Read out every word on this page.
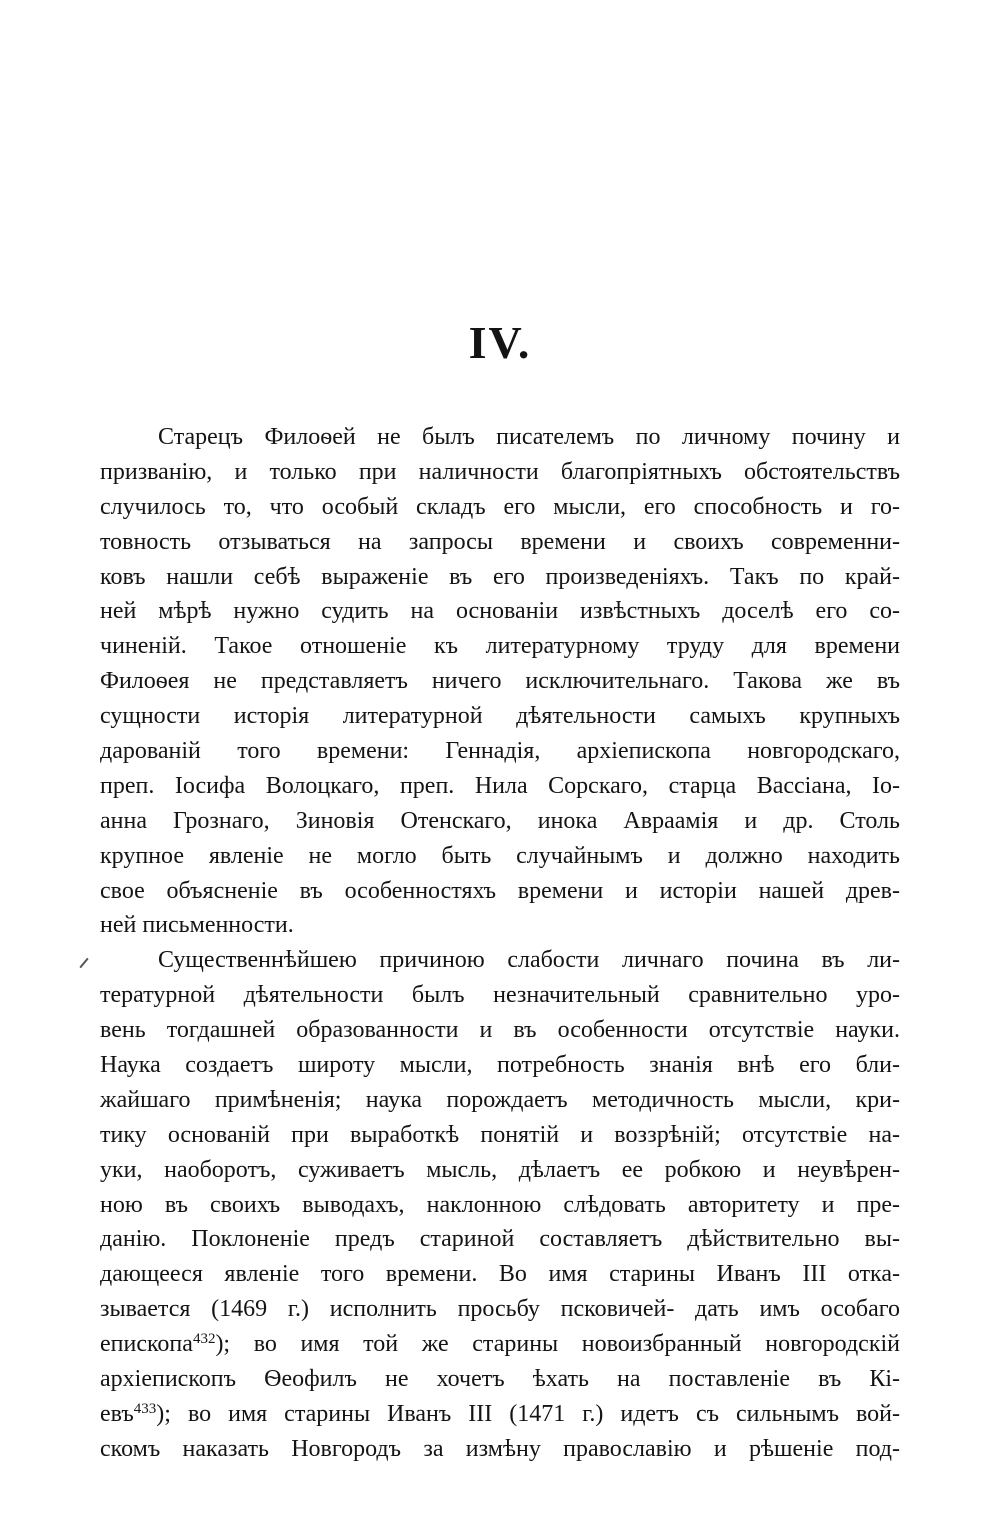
IV.
Старецъ Филоѳей не былъ писателемъ по личному почину и
призванію, и только при наличности благопріятныхъ обстоятельствъ
случилось то, что особый складъ его мысли, его способность и го-
товность отзываться на запросы времени и своихъ современни-
ковъ нашли себѣ выраженіе въ его произведеніяхъ. Такъ по край-
ней мѣрѣ нужно судить на основаніи извѣстныхъ доселѣ его со-
чиненій. Такое отношеніе къ литературному труду для времени
Филоѳея не представляетъ ничего исключительнаго. Такова же въ
сущности исторія литературной дѣятельности самыхъ крупныхъ
дарованій того времени: Геннадія, архіепископа новгородскаго,
преп. Іосифа Волоцкаго, преп. Нила Сорскаго, старца Вассіана, Іо-
анна Грознаго, Зиновія Отенскаго, инока Авраамія и др. Столь
крупное явленіе не могло быть случайнымъ и должно находить
свое объясненіе въ особенностяхъ времени и исторіи нашей древ-
ней письменности.
Существеннѣйшею причиною слабости личнаго почина въ ли-
тературной дѣятельности былъ незначительный сравнительно уро-
вень тогдашней образованности и въ особенности отсутствіе науки.
Наука создаетъ широту мысли, потребность знанія внѣ его бли-
жайшаго примѣненія; наука порождаетъ методичность мысли, кри-
тику основаній при выработкѣ понятій и воззрѣній; отсутствіе на-
уки, наоборотъ, суживаетъ мысль, дѣлаетъ ее робкою и неувѣрен-
ною въ своихъ выводахъ, наклонною слѣдовать авторитету и пре-
данію. Поклоненіе предъ стариной составляетъ дѣйствительно вы-
дающееся явленіе того времени. Во имя старины Иванъ III отка-
зывается (1469 г.) исполнить просьбу псковичей- дать имъ особаго
епископа$^{432}$); во имя той же старины новоизбранный новгородскій
архіепископъ Ѳеофилъ не хочетъ ѣхать на поставленіе въ Кі-
евъ$^{433}$); во имя старины Иванъ III (1471 г.) идетъ съ сильнымъ вой-
скомъ наказать Новгородъ за измѣну православію и рѣшеніе под-
